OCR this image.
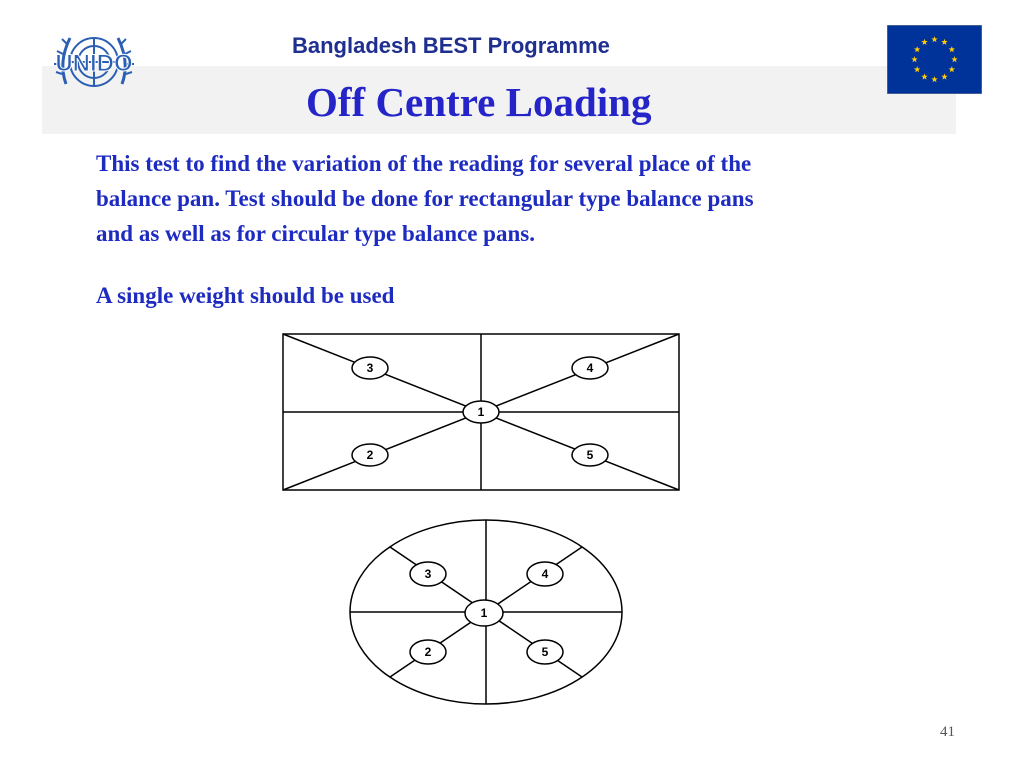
UNIDO
Bangladesh BEST Programme
Off Centre Loading
This test to find the variation of the reading for several place of the
balance pan. Test should be done for rectangular type balance pans
and as well as for circular type balance pans.
A single weight should be used
1
2
3	4
5
1
2
3	4
5
41
